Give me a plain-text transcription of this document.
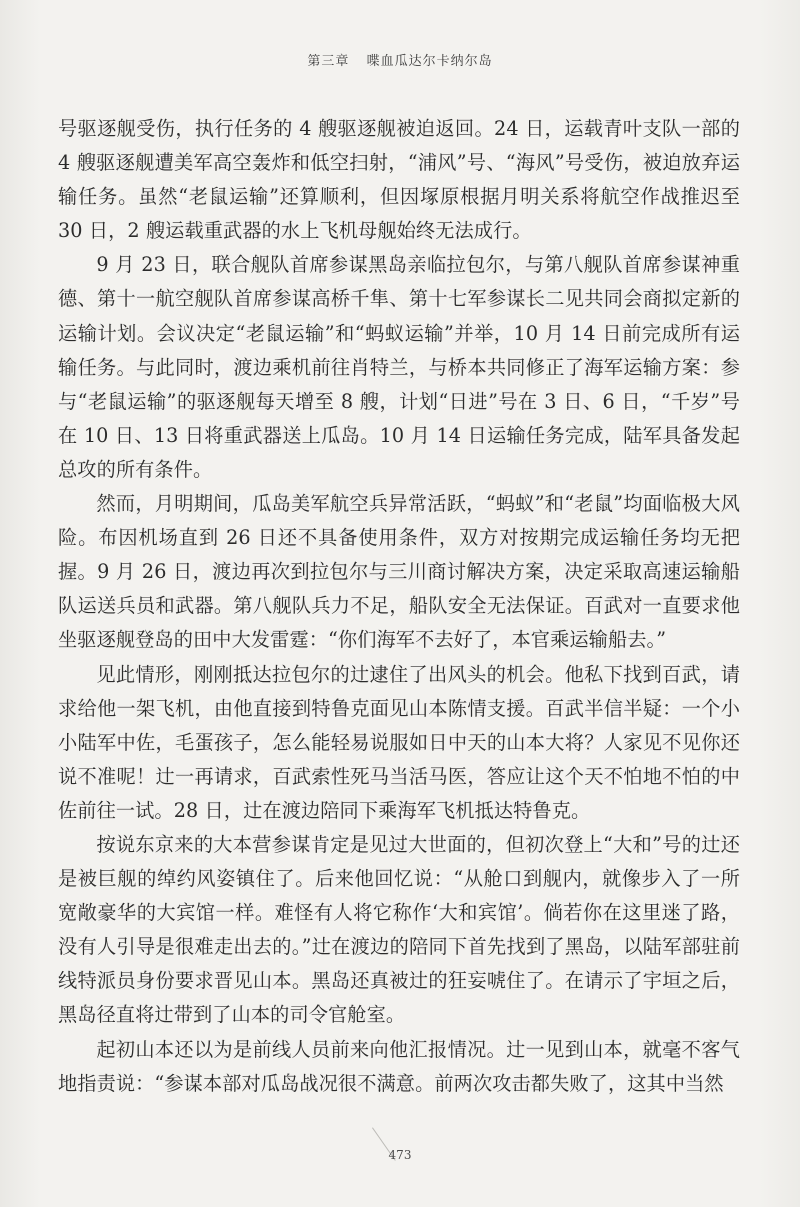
第三章 喋血瓜达尔卡纳尔岛

号驱逐舰受伤，执行任务的 4 艘驱逐舰被迫返回。24 日，运载青叶支队一部的 4 艘驱逐舰遭美军高空轰炸和低空扫射，“浦风”号、“海风”号受伤，被迫放弃运输任务。虽然“老鼠运输”还算顺利，但因塚原根据月明关系将航空作战推迟至 30 日，2 艘运载重武器的水上飞机母舰始终无法成行。

9 月 23 日，联合舰队首席参谋黑岛亲临拉包尔，与第八舰队首席参谋神重德、第十一航空舰队首席参谋高桥千隼、第十七军参谋长二见共同会商拟定新的运输计划。会议决定“老鼠运输”和“蚂蚁运输”并举，10 月 14 日前完成所有运输任务。与此同时，渡边乘机前往肖特兰，与桥本共同修正了海军运输方案：参与“老鼠运输”的驱逐舰每天增至 8 艘，计划“日进”号在 3 日、6 日，“千岁”号在 10 日、13 日将重武器送上瓜岛。10 月 14 日运输任务完成，陆军具备发起总攻的所有条件。

然而，月明期间，瓜岛美军航空兵异常活跃，“蚂蚁”和“老鼠”均面临极大风险。布因机场直到 26 日还不具备使用条件，双方对按期完成运输任务均无把握。9 月 26 日，渡边再次到拉包尔与三川商讨解决方案，决定采取高速运输船队运送兵员和武器。第八舰队兵力不足，船队安全无法保证。百武对一直要求他坐驱逐舰登岛的田中大发雷霆：“你们海军不去好了，本官乘运输船去。”

见此情形，刚刚抵达拉包尔的辻逮住了出风头的机会。他私下找到百武，请求给他一架飞机，由他直接到特鲁克面见山本陈情支援。百武半信半疑：一个小小陆军中佐，毛蛋孩子，怎么能轻易说服如日中天的山本大将？人家见不见你还说不准呢！辻一再请求，百武索性死马当活马医，答应让这个天不怕地不怕的中佐前往一试。28 日，辻在渡边陪同下乘海军飞机抵达特鲁克。

按说东京来的大本营参谋肯定是见过大世面的，但初次登上“大和”号的辻还是被巨舰的绰约风姿镇住了。后来他回忆说：“从舱口到舰内，就像步入了一所宽敞豪华的大宾馆一样。难怪有人将它称作‘大和宾馆’。倘若你在这里迷了路，没有人引导是很难走出去的。”辻在渡边的陪同下首先找到了黑岛，以陆军部驻前线特派员身份要求晋见山本。黑岛还真被辻的狂妄唬住了。在请示了宇垣之后，黑岛径直将辻带到了山本的司令官舱室。

起初山本还以为是前线人员前来向他汇报情况。辻一见到山本，就毫不客气地指责说：“参谋本部对瓜岛战况很不满意。前两次攻击都失败了，这其中当然

473
